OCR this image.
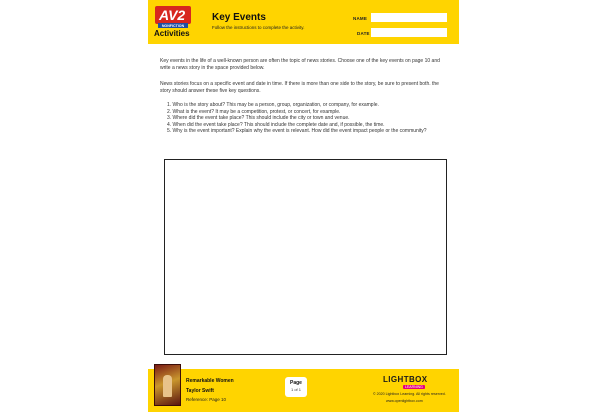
AV2
NONFICTION
Activities
Key Events
Follow the instructions to complete the activity.
NAME
DATE
Key events in the life of a well-known person are often the topic of news stories. Choose one of the key events on page 10 and write a news story in the space provided below.
News stories focus on a specific event and date in time. If there is more than one side to the story, be sure to present both. the story should answer these five key questions.
1. Who is the story about? This may be a person, group, organization, or company, for example.
2. What is the event? It may be a competition, protest, or concert, for example.
3. Where did the event take place? This should include the city or town and venue.
4. When did the event take place? This should include the complete date and, if possible, the time.
5. Why is the event important? Explain why the event is relevant. How did the event impact people or the community?
Remarkable Women
Taylor Swift
Reference: Page 10
Page
1 of 1
LIGHTBOX
LEARNING
© 2020 Lightbox Learning. All rights reserved.
www.openlightbox.com
